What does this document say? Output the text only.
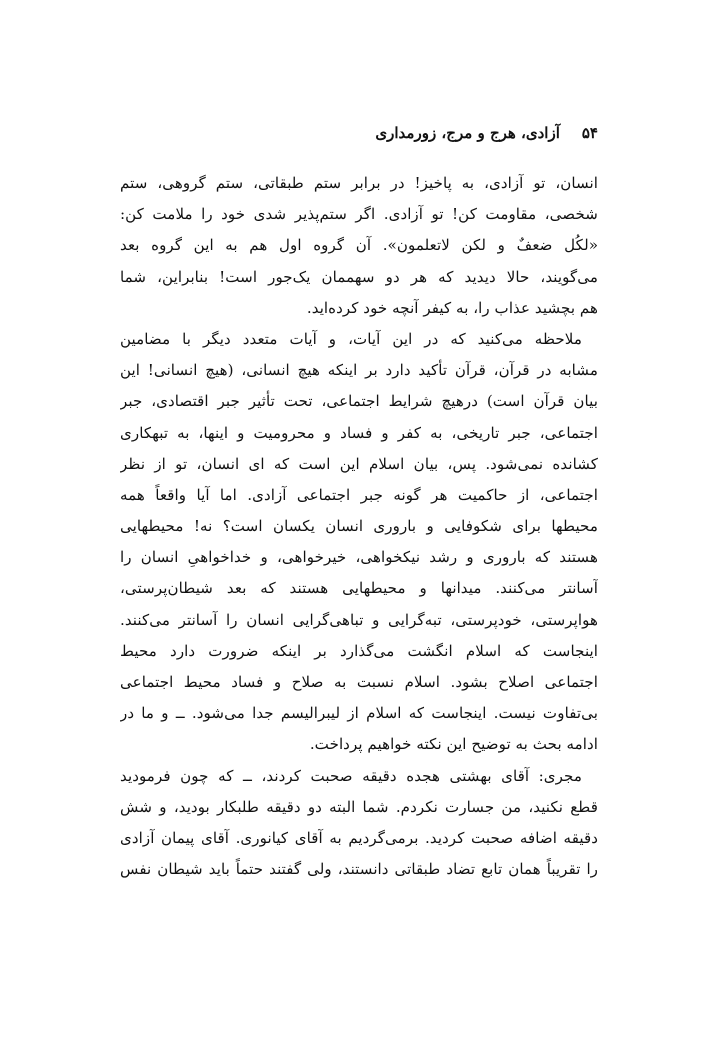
۵۴
آزادی، هرج و مرج، زورمداری
انسان، تو آزادی، به پاخیز! در برابر ستم طبقاتی، ستم گروهی، ستم
شخصی، مقاومت کن! تو آزادی. اگر ستم‌پذیر شدی خود را ملامت کن:
«لکُل ضعفٌ و لکن لاتعلمون». آن گروه اول هم به این گروه بعد
می‌گویند، حالا دیدید که هر دو سهممان یک‌جور است! بنابراین، شما
هم بچشید عذاب را، به کیفر آنچه خود کرده‌اید.
ملاحظه می‌کنید که در این آیات، و آیات متعدد دیگر با مضامین
مشابه در قرآن، قرآن تأکید دارد بر اینکه هیچ انسانی، (هیچ انسانی! این
بیان قرآن است) درهیچ شرایط اجتماعی، تحت تأثیر جبر اقتصادی، جبر
اجتماعی، جبر تاریخی، به کفر و فساد و محرومیت و اینها، به تبهکاری
کشانده نمی‌شود. پس، بیان اسلام این است که ای انسان، تو از نظر
اجتماعی، از حاکمیت هر گونه جبر اجتماعی آزادی. اما آیا واقعاً همه
محیطها برای شکوفایی و باروری انسان یکسان است؟ نه! محیطهایی
هستند که باروری و رشد نیکخواهی، خیرخواهی، و خداخواهیِ انسان را
آسانتر می‌کنند. میدانها و محیطهایی هستند که بعد شیطان‌پرستی،
هواپرستی، خودپرستی، تبه‌گرایی و تباهی‌گرایی انسان را آسانتر می‌کنند.
اینجاست که اسلام انگشت می‌گذارد بر اینکه ضرورت دارد محیط
اجتماعی اصلاح بشود. اسلام نسبت به صلاح و فساد محیط اجتماعی
بی‌تفاوت نیست. اینجاست که اسلام از لیبرالیسم جدا می‌شود. ــ و ما در
ادامه بحث به توضیح این نکته خواهیم پرداخت.
مجری: آقای بهشتی هجده دقیقه صحبت کردند، ــ که چون فرمودید
قطع نکنید، من جسارت نکردم. شما البته دو دقیقه طلبکار بودید، و شش
دقیقه اضافه صحبت کردید. برمی‌گردیم به آقای کیانوری. آقای پیمان آزادی
را تقریباً همان تابع تضاد طبقاتی دانستند، ولی گفتند حتماً باید شیطان نفس
